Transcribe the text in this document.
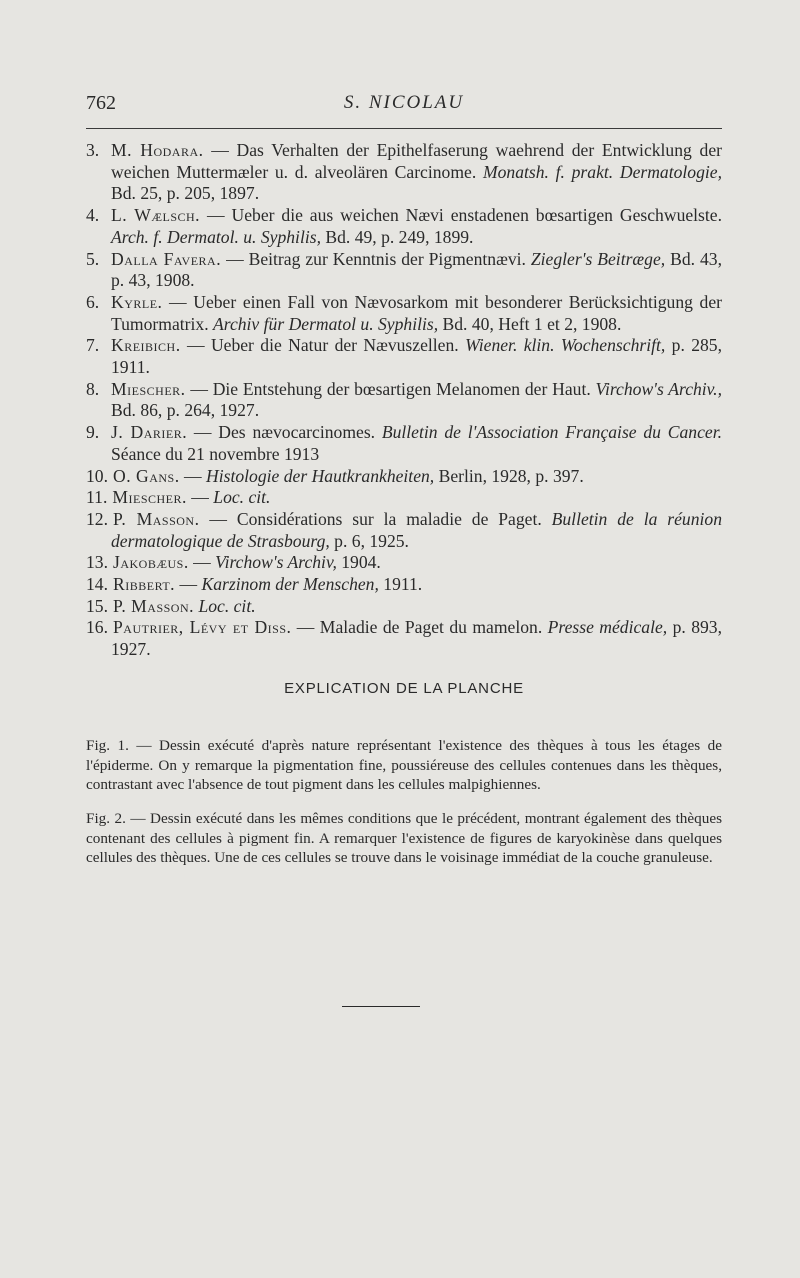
762	S. NICOLAU
3. M. Hodara. — Das Verhalten der Epithelfaserung waehrend der Entwicklung der weichen Muttermæler u. d. alveolären Carcinome. Monatsh. f. prakt. Dermatologie, Bd. 25, p. 205, 1897.
4. L. Wælsch. — Ueber die aus weichen Nævi enstadenen bœsartigen Geschwuelste. Arch. f. Dermatol. u. Syphilis, Bd. 49, p. 249, 1899.
5. Dalla Favera. — Beitrag zur Kenntnis der Pigmentnævi. Ziegler's Beitræge, Bd. 43, p. 43, 1908.
6. Kyrle. — Ueber einen Fall von Nævosarkom mit besonderer Berücksichtigung der Tumormatrix. Archiv für Dermatol u. Syphilis, Bd. 40, Heft 1 et 2, 1908.
7. Kreibich. — Ueber die Natur der Nævuszellen. Wiener. klin. Wochenschrift, p. 285, 1911.
8. Miescher. — Die Entstehung der bœsartigen Melanomen der Haut. Virchow's Archiv., Bd. 86, p. 264, 1927.
9. J. Darier. — Des nævocarcinomes. Bulletin de l'Association Française du Cancer. Séance du 21 novembre 1913
10. O. Gans. — Histologie der Hautkrankheiten, Berlin, 1928, p. 397.
11. Miescher. — Loc. cit.
12. P. Masson. — Considérations sur la maladie de Paget. Bulletin de la réunion dermatologique de Strasbourg, p. 6, 1925.
13. Jakobæus. — Virchow's Archiv, 1904.
14. Ribbert. — Karzinom der Menschen, 1911.
15. P. Masson. Loc. cit.
16. Pautrier, Lévy et Diss. — Maladie de Paget du mamelon. Presse médicale, p. 893, 1927.
EXPLICATION DE LA PLANCHE

Fig. 1. — Dessin exécuté d'après nature représentant l'existence des thèques à tous les étages de l'épiderme. On y remarque la pigmentation fine, poussiéreuse des cellules contenues dans les thèques, contrastant avec l'absence de tout pigment dans les cellules malpighiennes.

Fig. 2. — Dessin exécuté dans les mêmes conditions que le précédent, montrant également des thèques contenant des cellules à pigment fin. A remarquer l'existence de figures de karyokinèse dans quelques cellules des thèques. Une de ces cellules se trouve dans le voisinage immédiat de la couche granuleuse.
